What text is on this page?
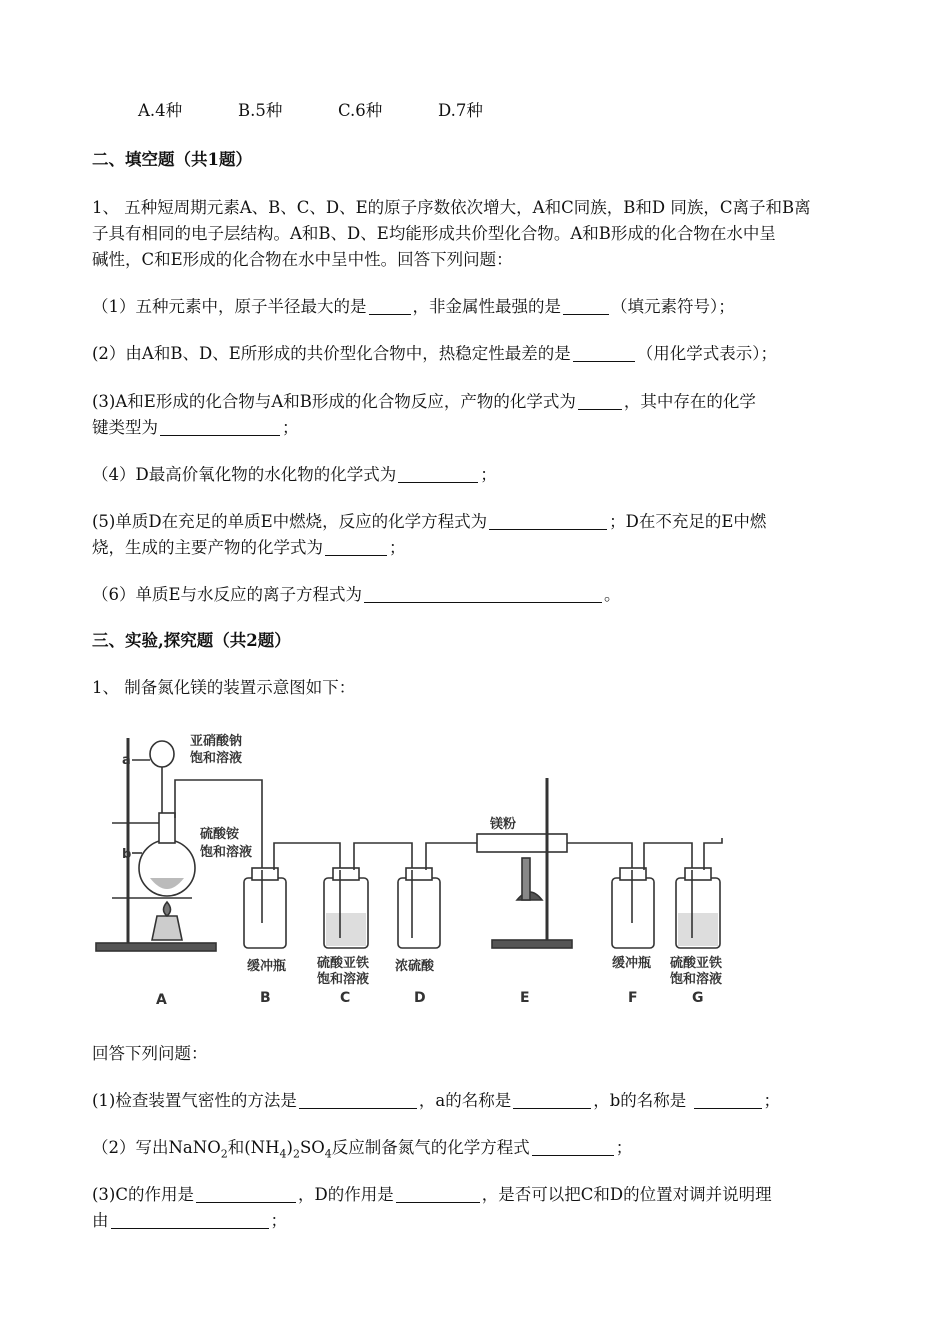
A.4种	B.5种	C.6种	D.7种
二、填空题（共1题）
1、 五种短周期元素A、B、C、D、E的原子序数依次增大，A和C同族，B和D 同族，C离子和B离
子具有相同的电子层结构。A和B、D、E均能形成共价型化合物。A和B形成的化合物在水中呈
碱性，C和E形成的化合物在水中呈中性。回答下列问题：
（1）五种元素中，原子半径最大的是	，非金属性最强的是	（填元素符号）；
(2）由A和B、D、E所形成的共价型化合物中，热稳定性最差的是	（用化学式表示）；
(3)A和E形成的化合物与A和B形成的化合物反应，产物的化学式为	，其中存在的化学
键类型为	；
（4）D最高价氧化物的水化物的化学式为	；
(5)单质D在充足的单质E中燃烧，反应的化学方程式为	；D在不充足的E中燃
烧，生成的主要产物的化学式为	；
（6）单质E与水反应的离子方程式为	。
三、实验,探究题（共2题）
1、 制备氮化镁的装置示意图如下：
亚硝酸钠
饱和溶液
a
b
硫酸铵
饱和溶液
镁粉
缓冲瓶 硫酸亚铁
饱和溶液
浓硫酸	缓冲瓶 硫酸亚铁
饱和溶液
A	B	C	D	E	F	G
回答下列问题：
(1)检查装置气密性的方法是	，a的名称是	，b的名称是	；
（2）写出NaNO$_2$和$(NH_4)_2SO_4$反应制备氮气的化学方程式	；
(3)C的作用是	，D的作用是	，是否可以把C和D的位置对调并说明理
由	；
